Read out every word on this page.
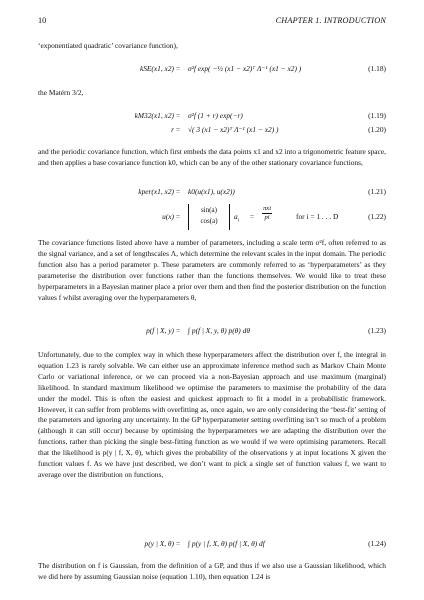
10	CHAPTER 1. INTRODUCTION
‘exponentiated quadratic’ covariance function),
kSE(x1, x2) = σ²f exp( −½ (x1 − x2)ᵀ Λ⁻¹ (x1 − x2) )	(1.18)
the Matérn 3/2,
kM32(x1, x2) = σ²f (1 + r) exp(−r)	(1.19)
r = √( 3 (x1 − x2)ᵀ Λ⁻¹ (x1 − x2) )	(1.20)
and the periodic covariance function, which first embeds the data points x1 and x2 into a trigonometric feature space, and then applies a base covariance function k0, which can be any of the other stationary covariance functions,
kper(x1, x2) = k0(u(x1), u(x2))	(1.21)
u(x) =
sin(a)
cos(a)	$a_i$ =
πxi
pi	for i = 1 . . . D	(1.22)
The covariance functions listed above have a number of parameters, including a scale term σ²f, often referred to as the signal variance, and a set of lengthscales Λ, which determine the relevant scales in the input domain. The periodic function also has a period parameter p. These parameters are commonly referred to as ‘hyperparameters’ as they parameterise the distribution over functions rather than the functions themselves. We would like to treat these hyperparameters in a Bayesian manner place a prior over them and then find the posterior distribution on the function values f whilst averaging over the hyperparameters θ,
p(f | X, y) = ∫ p(f | X, y, θ) p(θ) dθ	(1.23)
Unfortunately, due to the complex way in which these hyperparameters affect the distribution over f, the integral in equation 1.23 is rarely solvable. We can either use an approximate inference method such as Markov Chain Monte Carlo or variational inference, or we can proceed via a non-Bayesian approach and use maximum (marginal) likelihood. In standard maximum likelihood we optimise the parameters to maximise the probability of the data under the model. This is often the easiest and quickest approach to fit a model in a probabilistic framework. However, it can suffer from problems with overfitting as, once again, we are only considering the ‘best-fit’ setting of the parameters and ignoring any uncertainty. In the GP hyperparameter setting overfitting isn’t so much of a problem (although it can still occur) because by optimising the hyperparameters we are adapting the distribution over the functions, rather than picking the single best-fitting function as we would if we were optimising parameters. Recall that the likelihood is p(y | f, X, θ), which gives the probability of the observations y at input locations X given the function values f. As we have just described, we don’t want to pick a single set of function values f, we want to average over the distribution on functions,
p(y | X, θ) = ∫ p(y | f, X, θ) p(f | X, θ) df	(1.24)
The distribution on f is Gaussian, from the definition of a GP, and thus if we also use a Gaussian likelihood, which we did here by assuming Gaussian noise (equation 1.10), then equation 1.24 is
